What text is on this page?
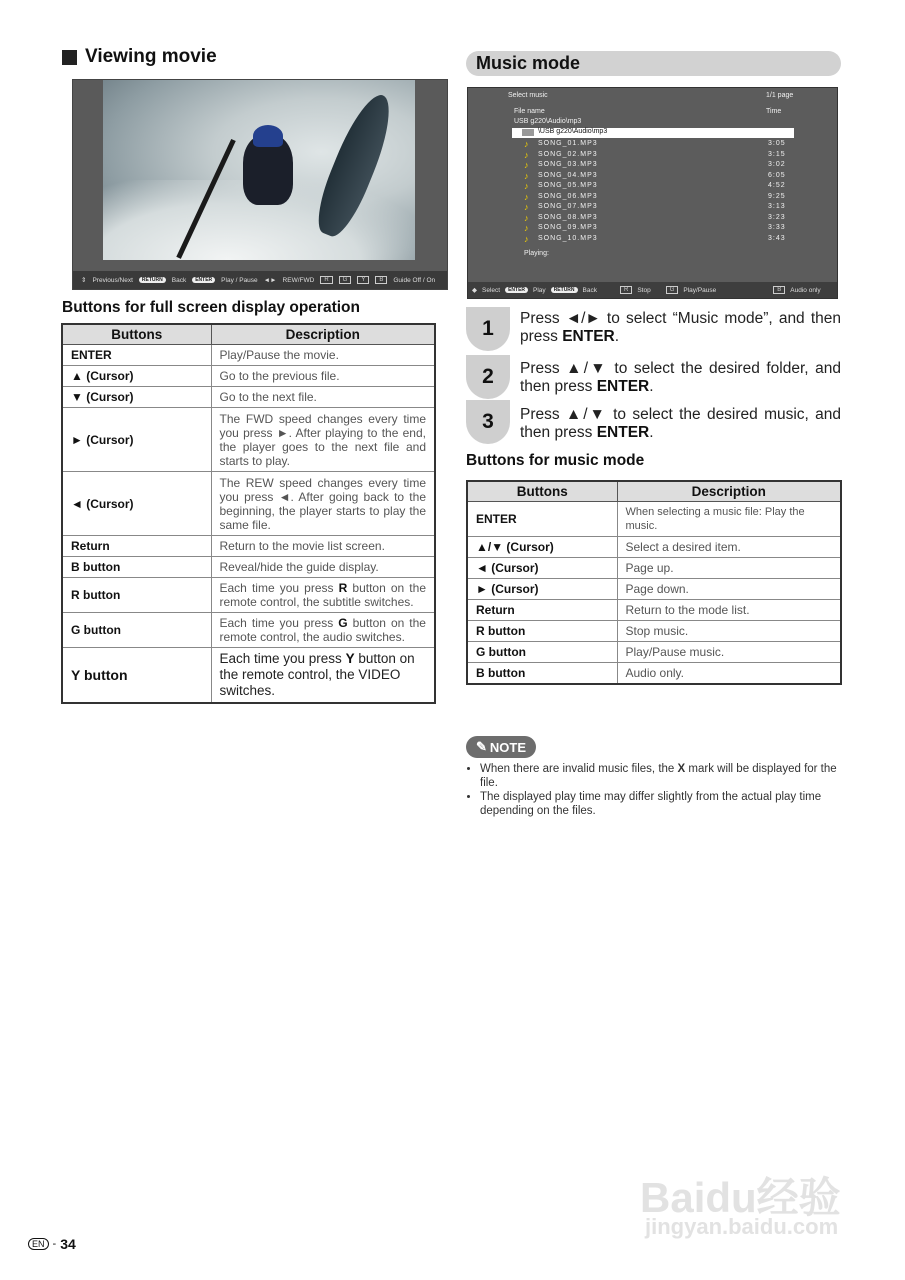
Viewing movie
⇕ Previous/Next	RETURN	Back	ENTER	Play / Pause ◄► REW/FWD	R	G	Y	B	Guide Off / On
Buttons for full screen display operation
Buttons	Description
ENTER	Play/Pause the movie.
▲ (Cursor)	Go to the previous file.
▼ (Cursor)	Go to the next file.
► (Cursor)	The FWD speed changes every time you press ►. After playing to the end, the player goes to the next file and starts to play.
◄ (Cursor)	The REW speed changes every time you press ◄. After going back to the beginning, the player starts to play the same file.
Return	Return to the movie list screen.
B button	Reveal/hide the guide display.
R button	Each time you press R button on the remote control, the subtitle switches.
G button	Each time you press G button on the remote control, the audio switches.
Y button	Each time you press Y button on the remote control, the VIDEO switches.
Music mode
Select music	1/1 page
File name	Time
USB g220\Audio\mp3
\USB g220\Audio\mp3
♪ SONG_01.MP3	3:05
♪ SONG_02.MP3	3:15
♪ SONG_03.MP3	3:02
♪ SONG_04.MP3	6:05
♪ SONG_05.MP3	4:52
♪ SONG_06.MP3	9:25
♪ SONG_07.MP3	3:13
♪ SONG_08.MP3	3:23
♪ SONG_09.MP3	3:33
♪ SONG_10.MP3	3:43
Playing:
◆ Select	ENTER	Play	RETURN	Back	R	Stop	G	Play/Pause	B	Audio only
1	Press ◄/► to select “Music mode”, and then press ENTER.
2	Press ▲/▼ to select the desired folder, and then press ENTER.
3	Press ▲/▼ to select the desired music, and then press ENTER.
Buttons for music mode
Buttons	Description
ENTER	When selecting a music file: Play the music.
▲/▼ (Cursor)	Select a desired item.
◄ (Cursor)	Page up.
► (Cursor)	Page down.
Return	Return to the mode list.
R button	Stop music.
G button	Play/Pause music.
B button	Audio only.
✎ NOTE
• When there are invalid music files, the X mark will be displayed for the file.
• The displayed play time may differ slightly from the actual play time depending on the files.
Baidu经验
jingyan.baidu.com
EN - 34
